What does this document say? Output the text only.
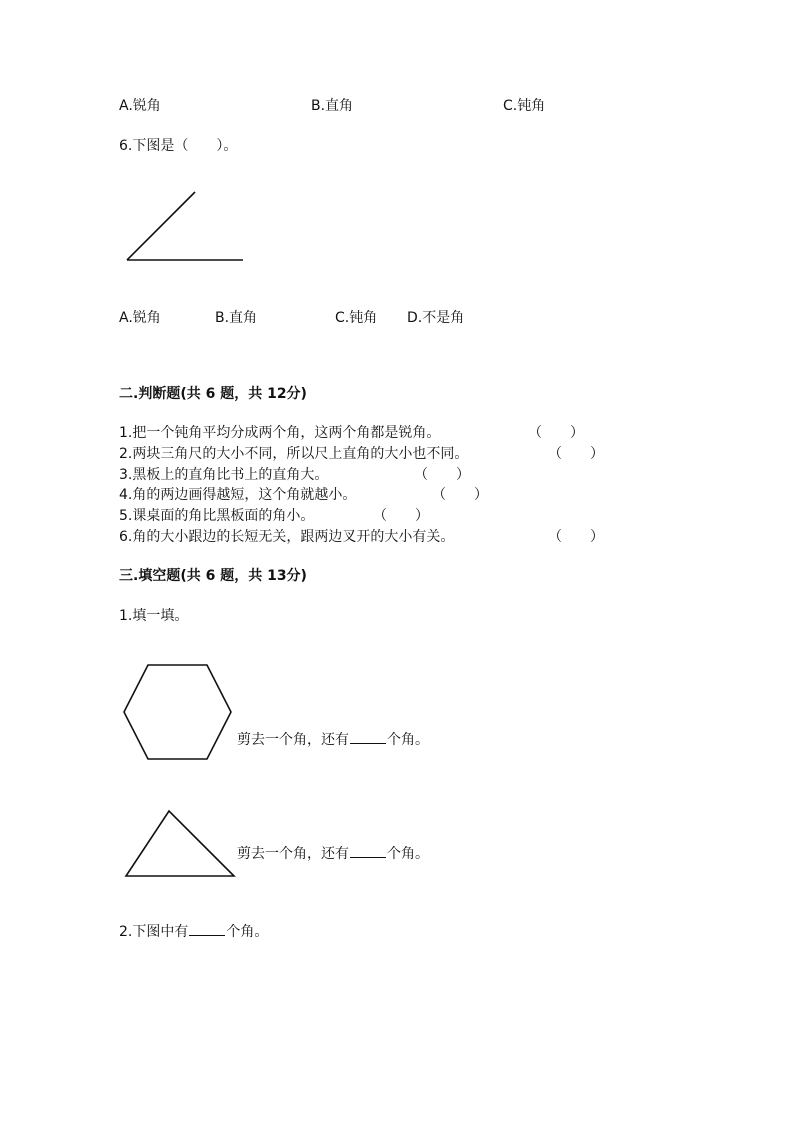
A.锐角	B.直角	C.钝角
6.下图是（　　）。
A.锐角	B.直角	C.钝角 D.不是角
二.判断题(共 6 题，共 12分)
1.把一个钝角平均分成两个角，这两个角都是锐角。	（　　）
2.两块三角尺的大小不同，所以尺上直角的大小也不同。	（　　）
3.黑板上的直角比书上的直角大。	（　　）
4.角的两边画得越短，这个角就越小。	（　　）
5.课桌面的角比黑板面的角小。	（　　）
6.角的大小跟边的长短无关，跟两边叉开的大小有关。	（　　）
三.填空题(共 6 题，共 13分)
1.填一填。
剪去一个角，还有	个角。
剪去一个角，还有	个角。
2.下图中有	个角。
